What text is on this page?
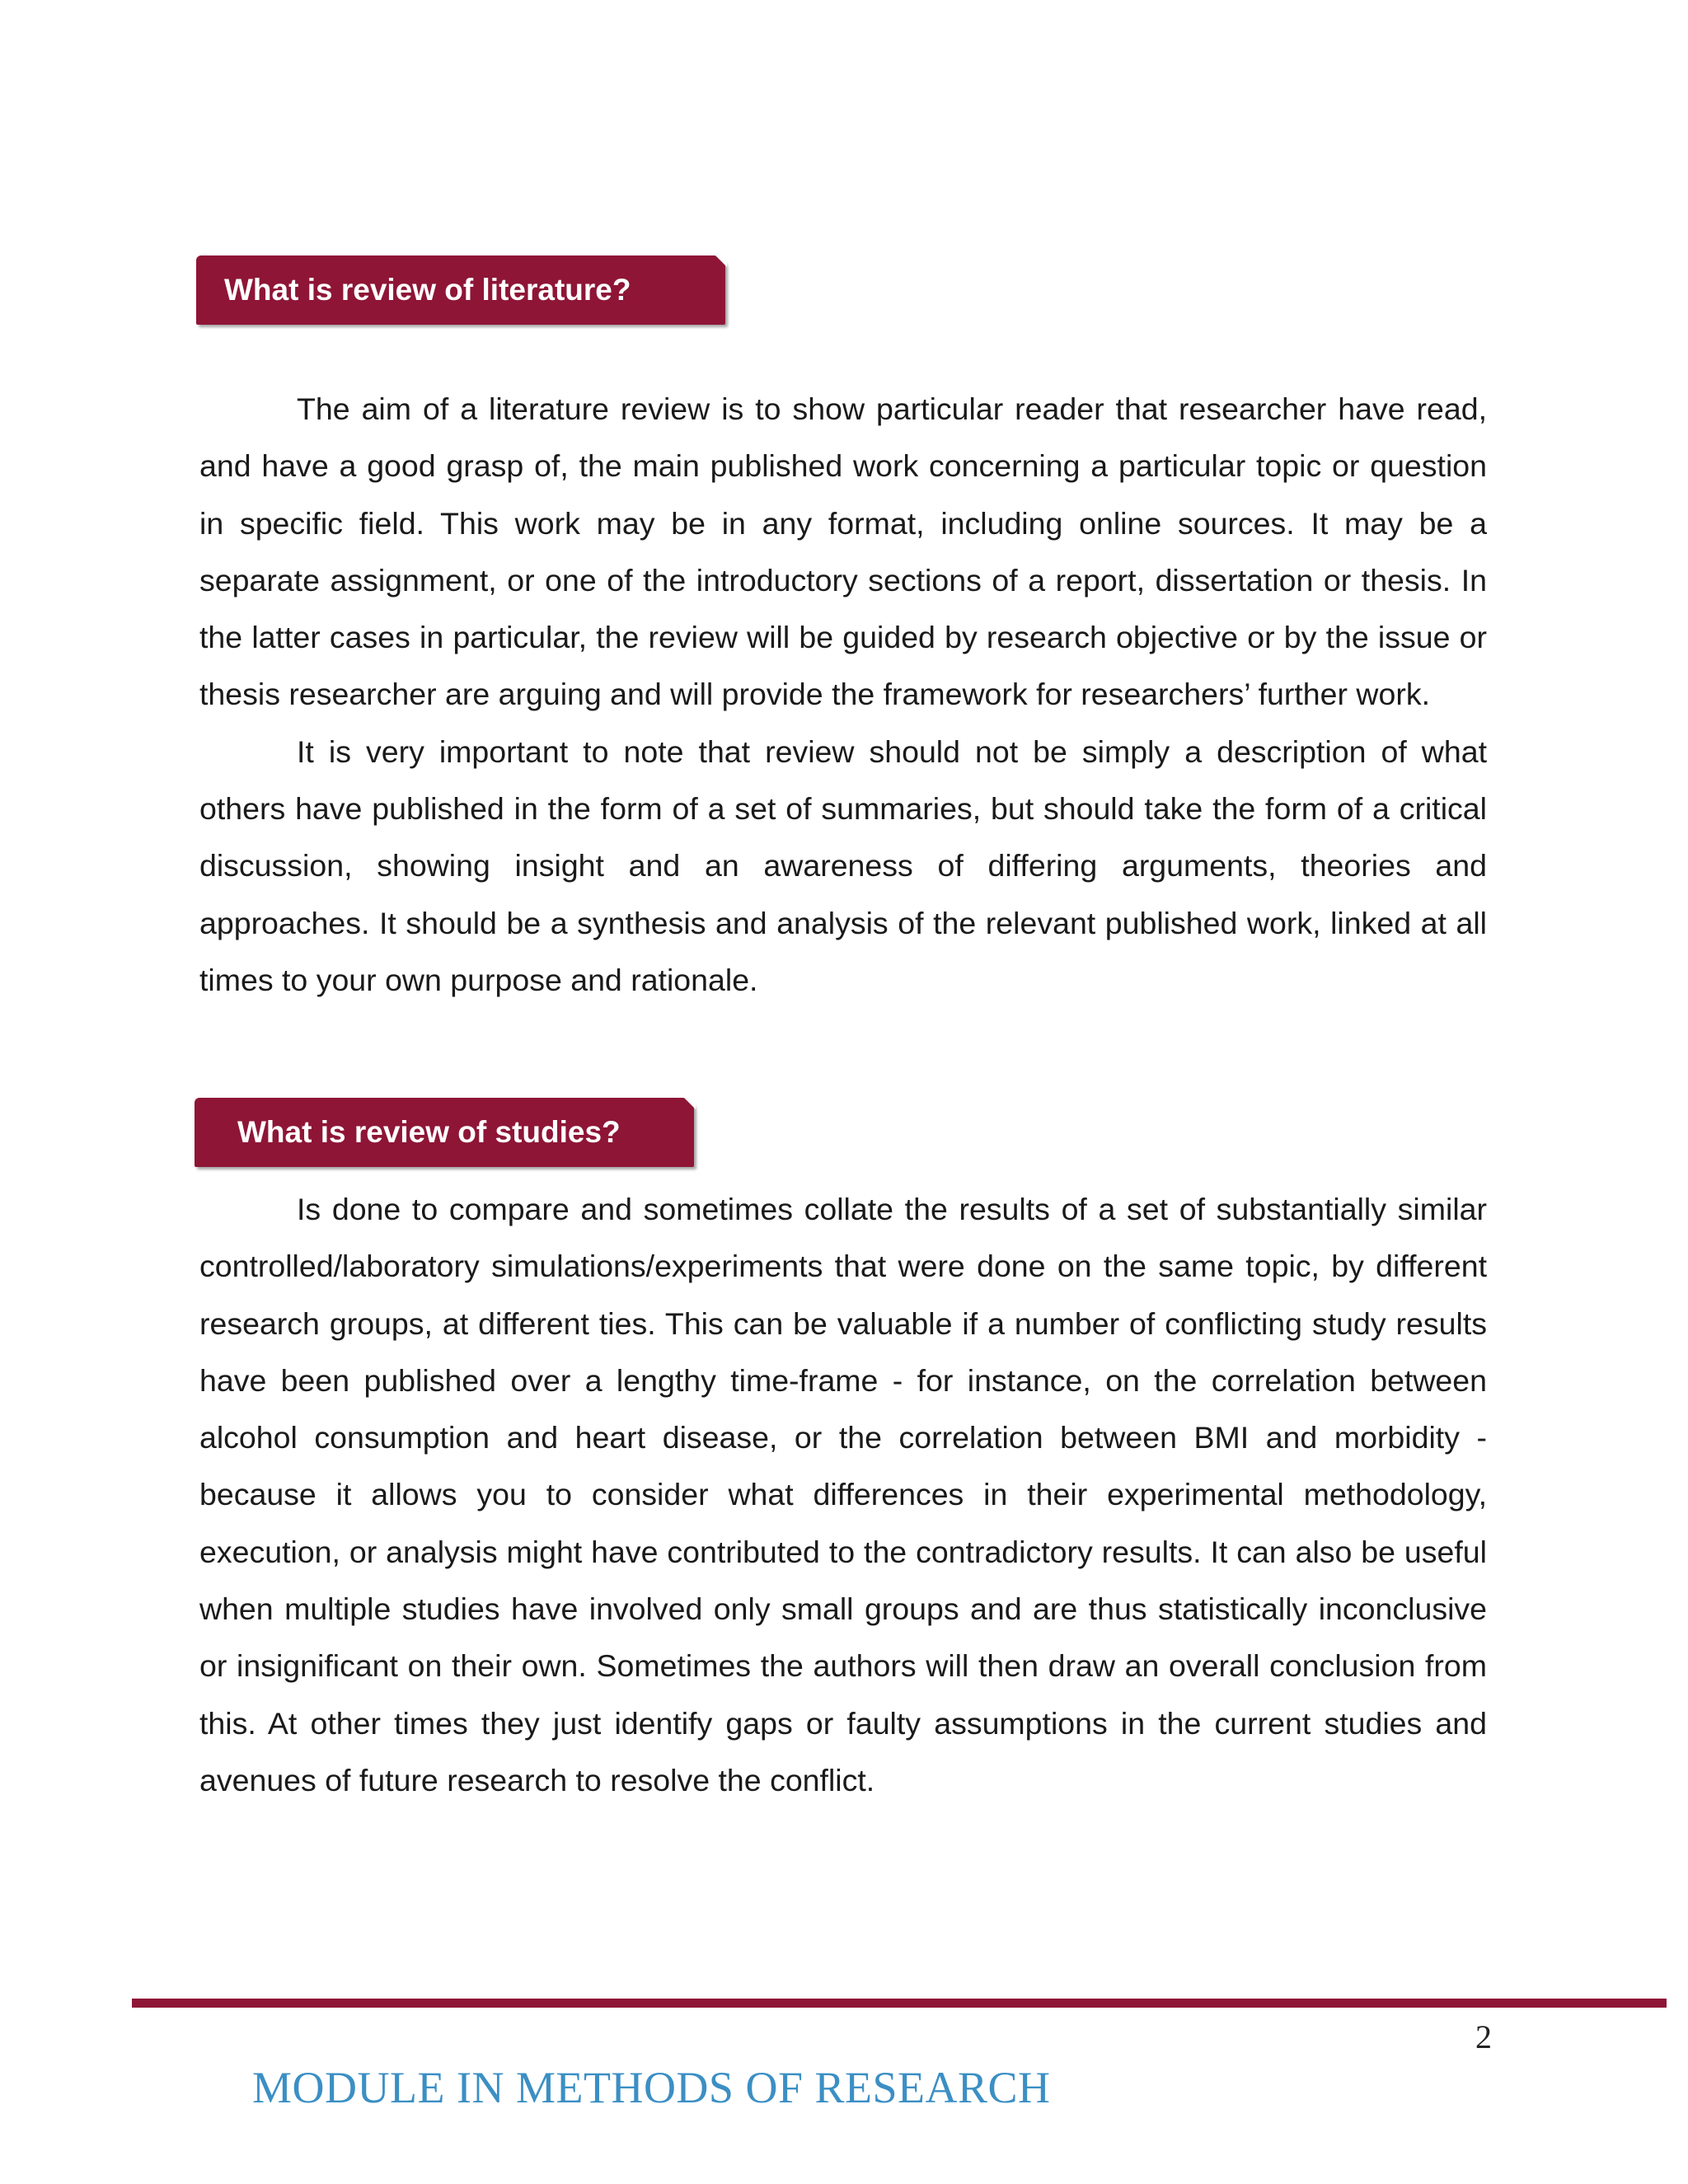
What is review of literature?

The aim of a literature review is to show particular reader that researcher have read, and have a good grasp of, the main published work concerning a particular topic or question in specific field. This work may be in any format, including online sources. It may be a separate assignment, or one of the introductory sections of a report, dissertation or thesis. In the latter cases in particular, the review will be guided by research objective or by the issue or thesis researcher are arguing and will provide the framework for researchers’ further work.

It is very important to note that review should not be simply a description of what others have published in the form of a set of summaries, but should take the form of a critical discussion, showing insight and an awareness of differing arguments, theories and approaches. It should be a synthesis and analysis of the relevant published work, linked at all times to your own purpose and rationale.

What is review of studies?

Is done to compare and sometimes collate the results of a set of substantially similar controlled/laboratory simulations/experiments that were done on the same topic, by different research groups, at different ties. This can be valuable if a number of conflicting study results have been published over a lengthy time-frame - for instance, on the correlation between alcohol consumption and heart disease, or the correlation between BMI and morbidity - because it allows you to consider what differences in their experimental methodology, execution, or analysis might have contributed to the contradictory results. It can also be useful when multiple studies have involved only small groups and are thus statistically inconclusive or insignificant on their own. Sometimes the authors will then draw an overall conclusion from this. At other times they just identify gaps or faulty assumptions in the current studies and avenues of future research to resolve the conflict.

2
MODULE IN METHODS OF RESEARCH
